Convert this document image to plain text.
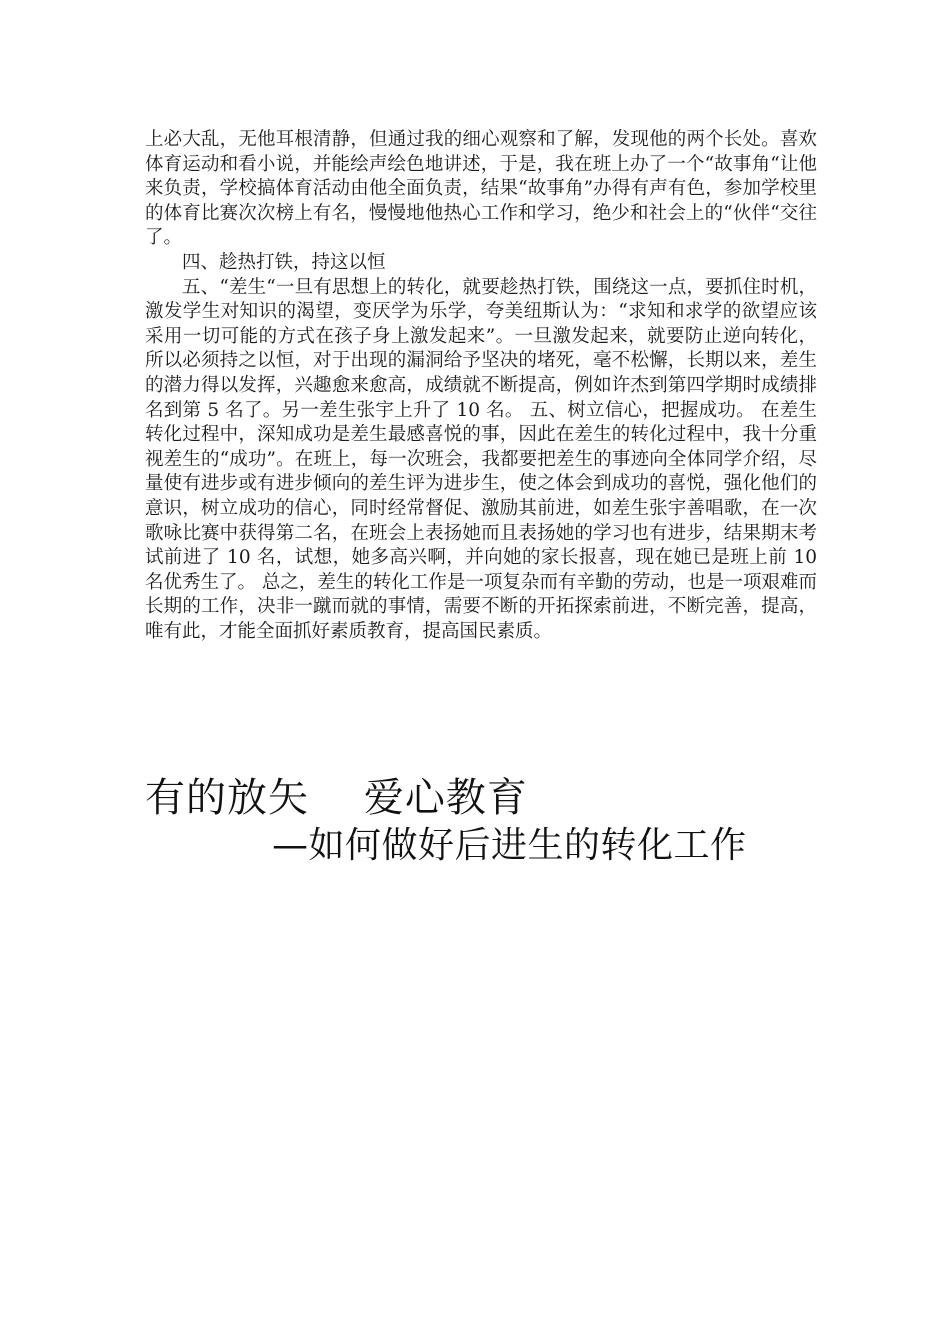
上必大乱，无他耳根清静，但通过我的细心观察和了解，发现他的两个长处。喜欢体育运动和看小说，并能绘声绘色地讲述，于是，我在班上办了一个“故事角“让他来负责，学校搞体育活动由他全面负责，结果“故事角”办得有声有色，参加学校里的体育比赛次次榜上有名，慢慢地他热心工作和学习，绝少和社会上的“伙伴“交往了。

四、趁热打铁，持这以恒

五、“差生“一旦有思想上的转化，就要趁热打铁，围绕这一点，要抓住时机，激发学生对知识的渴望，变厌学为乐学，夸美纽斯认为：“求知和求学的欲望应该采用一切可能的方式在孩子身上激发起来”。一旦激发起来，就要防止逆向转化，所以必须持之以恒，对于出现的漏洞给予坚决的堵死，毫不松懈，长期以来，差生的潜力得以发挥，兴趣愈来愈高，成绩就不断提高，例如许杰到第四学期时成绩排名到第 5 名了。另一差生张宇上升了 10 名。 五、树立信心，把握成功。 在差生转化过程中，深知成功是差生最感喜悦的事，因此在差生的转化过程中，我十分重视差生的“成功”。在班上，每一次班会，我都要把差生的事迹向全体同学介绍，尽量使有进步或有进步倾向的差生评为进步生，使之体会到成功的喜悦，强化他们的意识，树立成功的信心，同时经常督促、激励其前进，如差生张宇善唱歌，在一次歌咏比赛中获得第二名，在班会上表扬她而且表扬她的学习也有进步，结果期末考试前进了 10 名，试想，她多高兴啊，并向她的家长报喜，现在她已是班上前 10 名优秀生了。 总之，差生的转化工作是一项复杂而有辛勤的劳动，也是一项艰难而长期的工作，决非一蹴而就的事情，需要不断的开拓探索前进，不断完善，提高，唯有此，才能全面抓好素质教育，提高国民素质。

有的放矢    爱心教育
—如何做好后进生的转化工作
